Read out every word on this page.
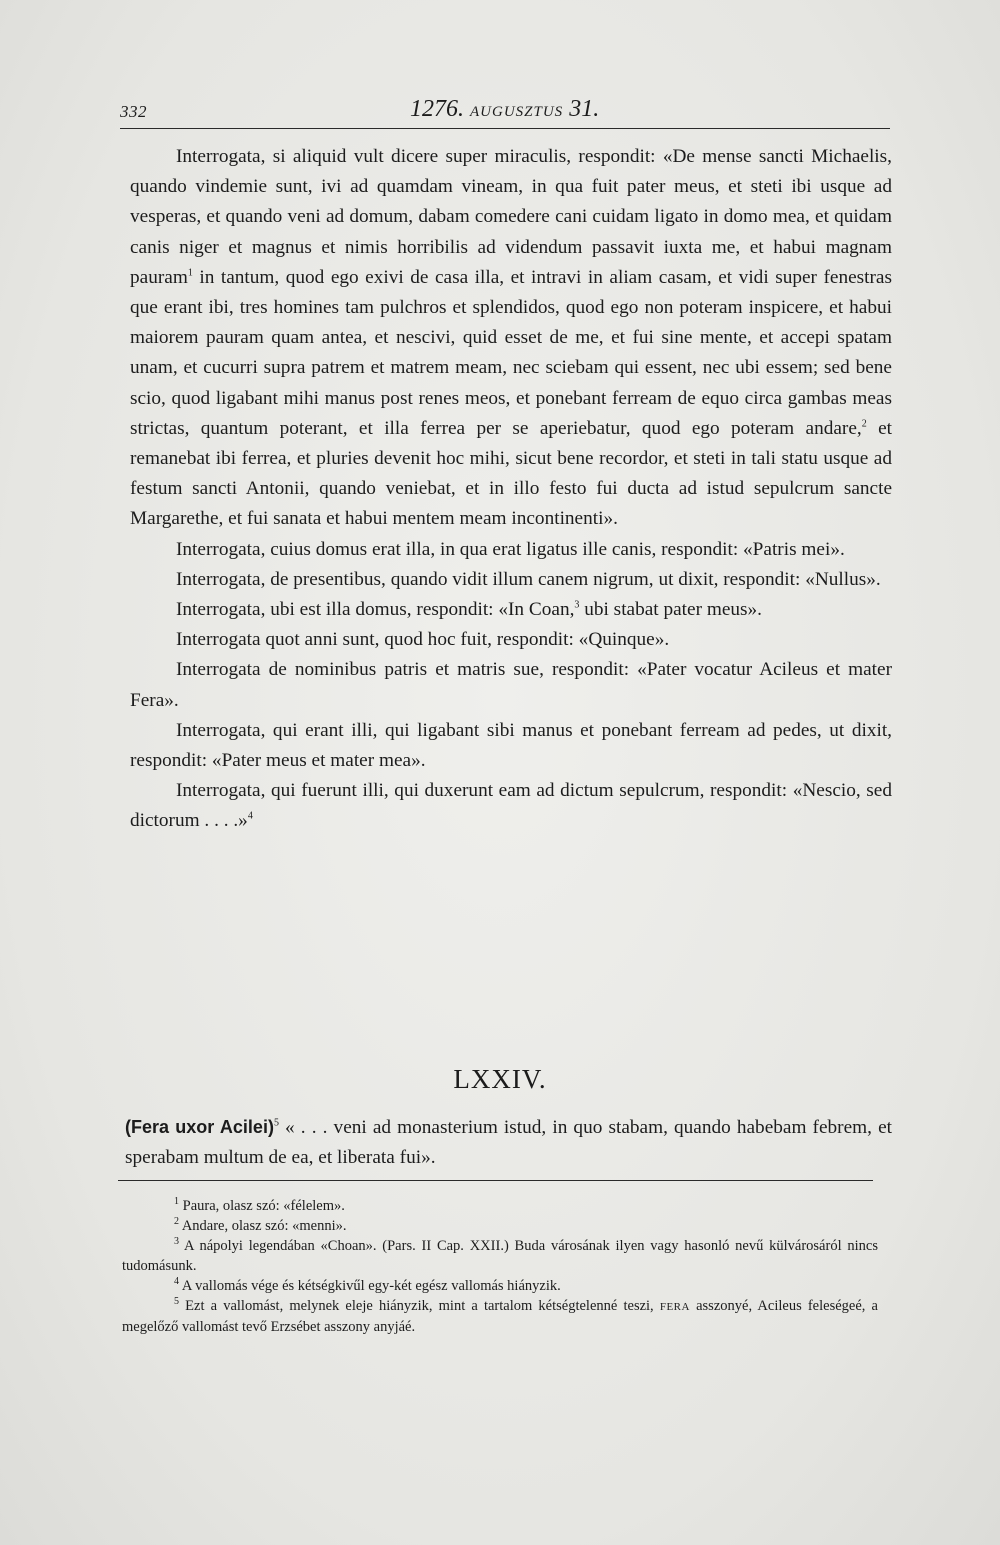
332	1276. AUGUSZTUS 31.

Interrogata, si aliquid vult dicere super miraculis, respondit: «De mense sancti Michaelis, quando vindemie sunt, ivi ad quamdam vineam, in qua fuit pater meus, et steti ibi usque ad vesperas, et quando veni ad domum, dabam comedere cani cuidam ligato in domo mea, et quidam canis niger et magnus et nimis horribilis ad videndum passavit iuxta me, et habui magnam pauram$^1$ in tantum, quod ego exivi de casa illa, et intravi in aliam casam, et vidi super fenestras que erant ibi, tres homines tam pulchros et splendidos, quod ego non poteram inspicere, et habui maiorem pauram quam antea, et nescivi, quid esset de me, et fui sine mente, et accepi spatam unam, et cucurri supra patrem et matrem meam, nec sciebam qui essent, nec ubi essem; sed bene scio, quod ligabant mihi manus post renes meos, et ponebant ferream de equo circa gambas meas strictas, quantum poterant, et illa ferrea per se aperiebatur, quod ego poteram andare,$^2$ et remanebat ibi ferrea, et pluries devenit hoc mihi, sicut bene recordor, et steti in tali statu usque ad festum sancti Antonii, quando veniebat, et in illo festo fui ducta ad istud sepulcrum sancte Margarethe, et fui sanata et habui mentem meam incontinenti».

Interrogata, cuius domus erat illa, in qua erat ligatus ille canis, respondit: «Patris mei».

Interrogata, de presentibus, quando vidit illum canem nigrum, ut dixit, respondit: «Nullus».

Interrogata, ubi est illa domus, respondit: «In Coan,$^3$ ubi stabat pater meus».

Interrogata quot anni sunt, quod hoc fuit, respondit: «Quinque».

Interrogata de nominibus patris et matris sue, respondit: «Pater vocatur Acileus et mater Fera».

Interrogata, qui erant illi, qui ligabant sibi manus et ponebant ferream ad pedes, ut dixit, respondit: «Pater meus et mater mea».

Interrogata, qui fuerunt illi, qui duxerunt eam ad dictum sepulcrum, respondit: «Nescio, sed dictorum . . . .»$^4$

LXXIV.
(Fera uxor Acilei)$^5$ « . . . veni ad monasterium istud, in quo stabam, quando habebam febrem, et sperabam multum de ea, et liberata fui».

$^1$ Paura, olasz szó: «félelem».

$^2$ Andare, olasz szó: «menni».

$^3$ A nápolyi legendában «Choan». (Pars. II Cap. XXII.) Buda városának ilyen vagy hasonló nevű külvárosáról nincs tudomásunk.

$^4$ A vallomás vége és kétségkivűl egy-két egész vallomás hiányzik.

$^5$ Ezt a vallomást, melynek eleje hiányzik, mint a tartalom kétségtelenné teszi, FERA asszonyé, Acileus feleségeé, a megelőző vallomást tevő Erzsébet asszony anyjáé.
